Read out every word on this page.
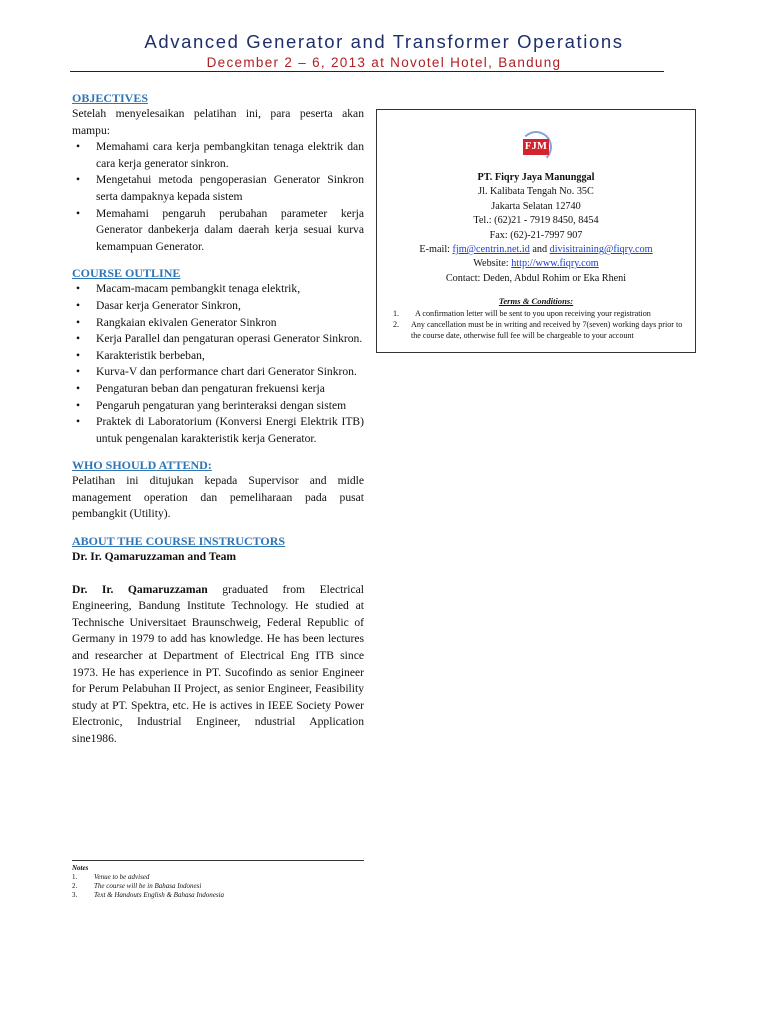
Advanced Generator and Transformer Operations
December 2 – 6, 2013 at Novotel Hotel, Bandung
OBJECTIVES
Setelah menyelesaikan pelatihan ini, para peserta akan mampu:
• Memahami cara kerja pembangkitan tenaga elektrik dan cara kerja generator sinkron.
• Mengetahui metoda pengoperasian Generator Sinkron serta dampaknya kepada sistem
• Memahami pengaruh perubahan parameter kerja Generator danbekerja dalam daerah kerja sesuai kurva kemampuan Generator.
COURSE OUTLINE
• Macam-macam pembangkit tenaga elektrik,
• Dasar kerja Generator Sinkron,
• Rangkaian ekivalen Generator Sinkron
• Kerja Parallel dan pengaturan operasi Generator Sinkron.
• Karakteristik berbeban,
• Kurva-V dan performance chart dari Generator Sinkron.
• Pengaturan beban dan pengaturan frekuensi kerja
• Pengaruh pengaturan yang berinteraksi dengan sistem
• Praktek di Laboratorium (Konversi Energi Elektrik ITB) untuk pengenalan karakteristik kerja Generator.
WHO SHOULD ATTEND:
Pelatihan ini ditujukan kepada Supervisor and midle management operation dan pemeliharaan pada pusat pembangkit (Utility).
ABOUT THE COURSE INSTRUCTORS
Dr. Ir. Qamaruzzaman and Team
Dr. Ir. Qamaruzzaman graduated from Electrical Engineering, Bandung Institute Technology. He studied at Technische Universitaet Braunschweig, Federal Republic of Germany in 1979 to add has knowledge. He has been lectures and researcher at Department of Electrical Eng ITB since 1973. He has experience in PT. Sucofindo as senior Engineer for Perum Pelabuhan II Project, as senior Engineer, Feasibility study at PT. Spektra, etc. He is actives in IEEE Society Power Electronic, Industrial Engineer, ndustrial Application sine1986.
Notes
1. Venue to be advised
2. The course will be in Bahasa Indonesi
3. Text & Handouts English & Bahasa Indonesia
FJM
PT. Fiqry Jaya Manunggal
Jl. Kalibata Tengah No. 35C
Jakarta Selatan 12740
Tel.: (62)21 - 7919 8450, 8454
Fax: (62)-21-7997 907
E-mail: fjm@centrin.net.id and divisitraining@fiqry.com
Website: http://www.fiqry.com
Contact: Deden, Abdul Rohim or Eka Rheni
Terms & Conditions:
1.	A confirmation letter will be sent to you upon receiving your registration
2. Any cancellation must be in writing and received by 7(seven) working days prior to the course date, otherwise full fee will be chargeable to your account
